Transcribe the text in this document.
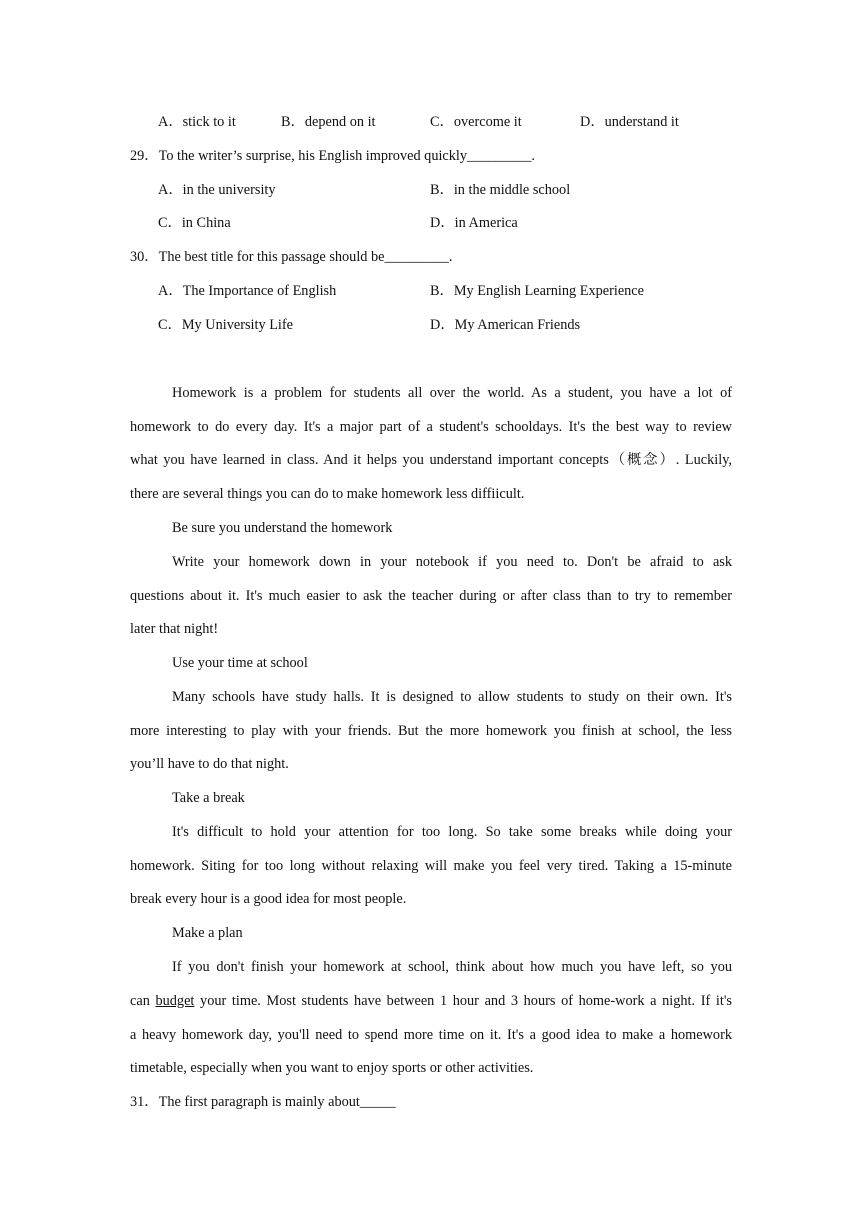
A．stick to it	B．depend on it	C．overcome it	D．understand it
29．To the writer’s surprise, his English improved quickly_________.
A．in the university	B．in the middle school
C．in China	D．in America
30．The best title for this passage should be_________.
A．The Importance of English	B．My English Learning Experience
C．My University Life	D．My American Friends
Homework is a problem for students all over the world. As a student, you have a lot of
homework to do every day. It's a major part of a student's schooldays. It's the best way to review
what you have learned in class. And it helps you understand important concepts（概念）. Luckily,
there are several things you can do to make homework less diffiicult.
Be sure you understand the homework
Write your homework down in your notebook if you need to. Don't be afraid to ask
questions about it. It's much easier to ask the teacher during or after class than to try to remember
later that night!
Use your time at school
Many schools have study halls. It is designed to allow students to study on their own. It's
more interesting to play with your friends. But the more homework you finish at school, the less
you’ll have to do that night.
Take a break
It's difficult to hold your attention for too long. So take some breaks while doing your
homework. Siting for too long without relaxing will make you feel very tired. Taking a 15-minute
break every hour is a good idea for most people.
Make a plan
If you don't finish your homework at school, think about how much you have left, so you
can budget your time. Most students have between 1 hour and 3 hours of home-work a night. If it's
a heavy homework day, you'll need to spend more time on it. It's a good idea to make a homework
timetable, especially when you want to enjoy sports or other activities.
31．The first paragraph is mainly about_____
